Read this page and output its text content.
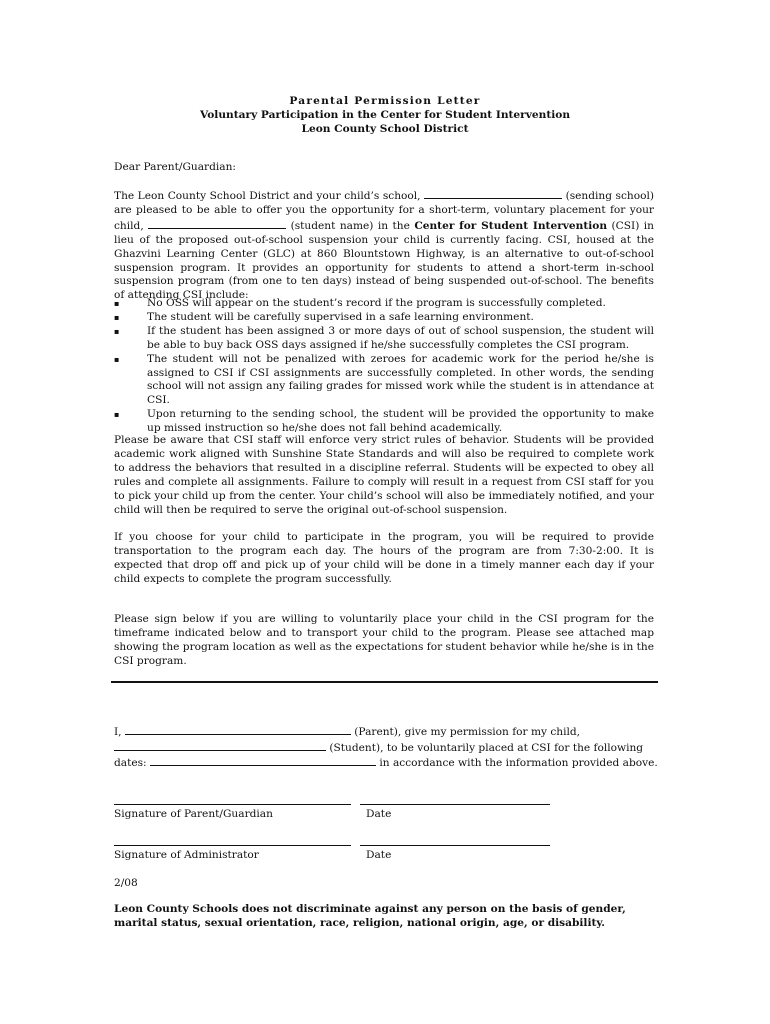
Parental Permission Letter
Voluntary Participation in the Center for Student Intervention
Leon County School District
Dear Parent/Guardian:
The Leon County School District and your child’s school,	(sending school) are pleased to be able to offer you the opportunity for a short-term, voluntary placement for your child,	(student name) in the Center for Student Intervention (CSI) in lieu of the proposed out-of-school suspension your child is currently facing. CSI, housed at the Ghazvini Learning Center (GLC) at 860 Blountstown Highway, is an alternative to out-of-school suspension program. It provides an opportunity for students to attend a short-term in-school suspension program (from one to ten days) instead of being suspended out-of-school. The benefits of attending CSI include:
▪	No OSS will appear on the student’s record if the program is successfully completed.
▪	The student will be carefully supervised in a safe learning environment.
▪	If the student has been assigned 3 or more days of out of school suspension, the student will be able to buy back OSS days assigned if he/she successfully completes the CSI program.
▪	The student will not be penalized with zeroes for academic work for the period he/she is assigned to CSI if CSI assignments are successfully completed. In other words, the sending school will not assign any failing grades for missed work while the student is in attendance at CSI.
▪	Upon returning to the sending school, the student will be provided the opportunity to make up missed instruction so he/she does not fall behind academically.
Please be aware that CSI staff will enforce very strict rules of behavior. Students will be provided academic work aligned with Sunshine State Standards and will also be required to complete work to address the behaviors that resulted in a discipline referral. Students will be expected to obey all rules and complete all assignments. Failure to comply will result in a request from CSI staff for you to pick your child up from the center. Your child’s school will also be immediately notified, and your child will then be required to serve the original out-of-school suspension.
If you choose for your child to participate in the program, you will be required to provide transportation to the program each day. The hours of the program are from 7:30-2:00. It is expected that drop off and pick up of your child will be done in a timely manner each day if your child expects to complete the program successfully.
Please sign below if you are willing to voluntarily place your child in the CSI program for the timeframe indicated below and to transport your child to the program. Please see attached map showing the program location as well as the expectations for student behavior while he/she is in the CSI program.
I,	(Parent), give my permission for my child,
(Student), to be voluntarily placed at CSI for the following
dates:	in accordance with the information provided above.
Signature of Parent/Guardian	Date
Signature of Administrator	Date
2/08
Leon County Schools does not discriminate against any person on the basis of gender, marital status, sexual orientation, race, religion, national origin, age, or disability.
